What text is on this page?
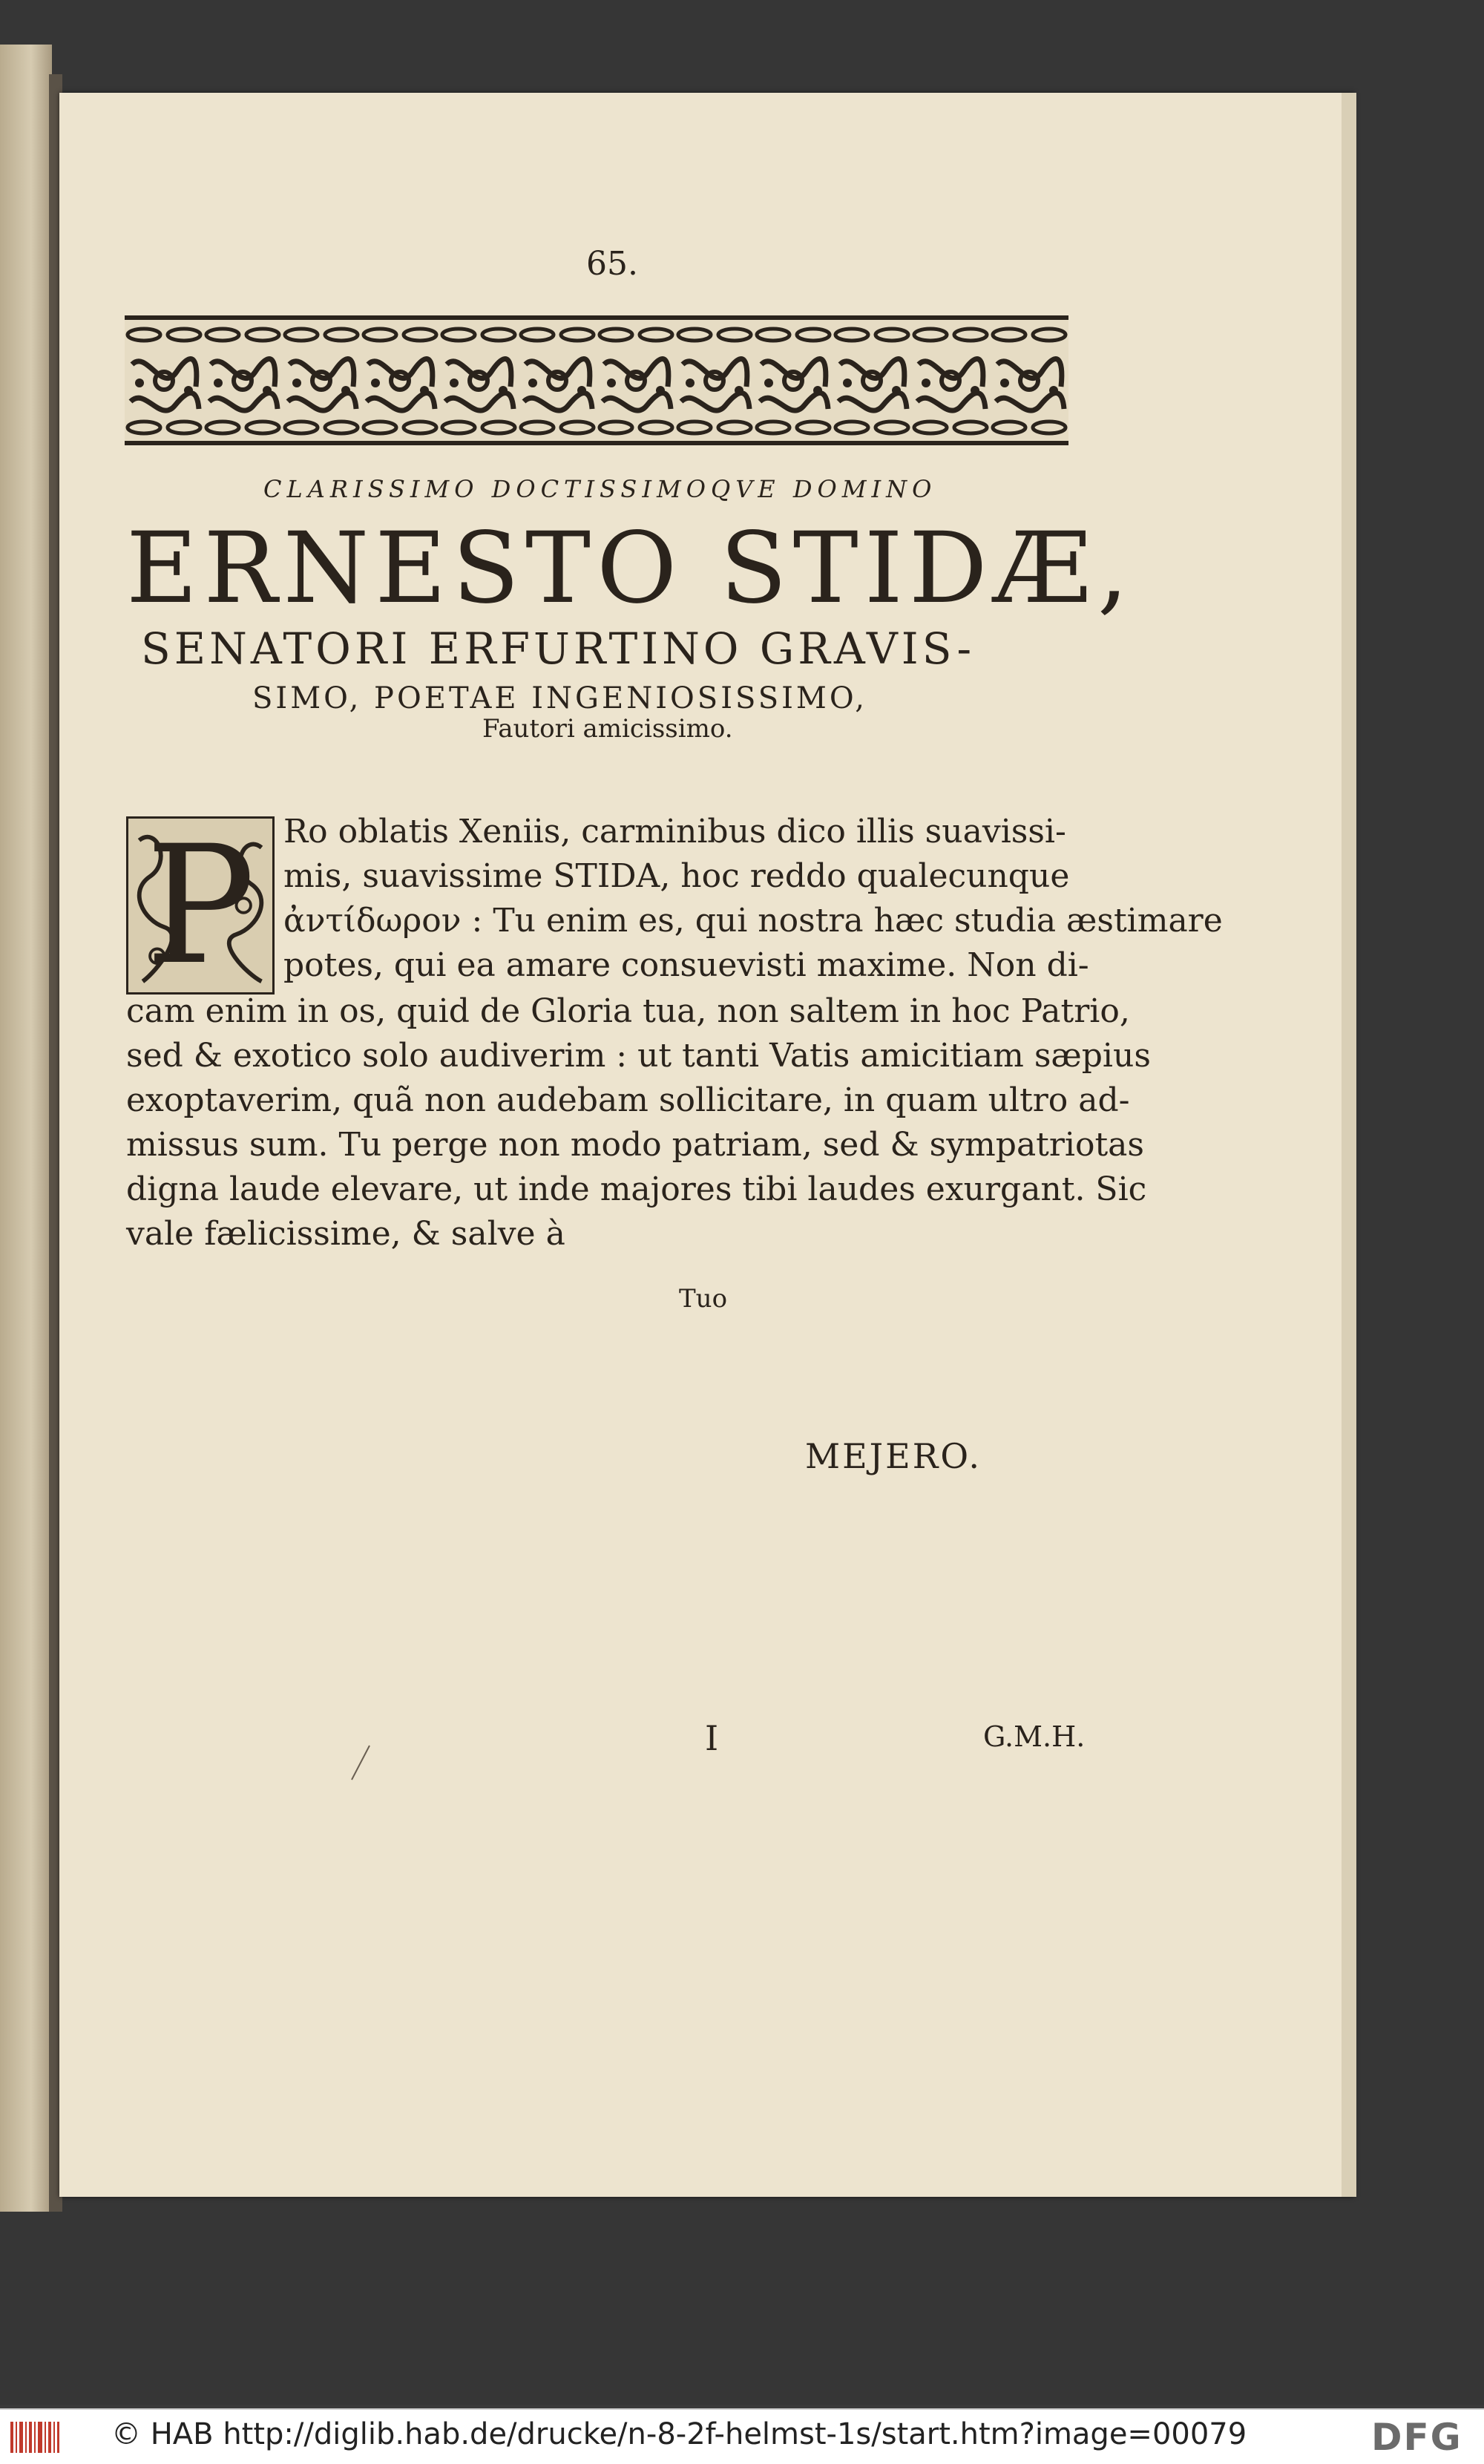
65.
CLARISSIMO DOCTISSIMOQVE DOMINO
ERNESTO STIDÆ,
SENATORI ERFURTINO GRAVIS-
SIMO, POETAE INGENIOSISSIMO,
Fautori amicissimo.
P Ro oblatis Xeniis, carminibus dico illis suavissi-
mis, suavissime STIDA, hoc reddo qualecunque
ἀντίδωρον : Tu enim es, qui nostra hæc studia æstimare
potes, qui ea amare consuevisti maxime. Non di-
cam enim in os, quid de Gloria tua, non saltem in hoc Patrio,
sed & exotico solo audiverim : ut tanti Vatis amicitiam sæpius
exoptaverim, quã non audebam sollicitare, in quam ultro ad-
missus sum. Tu perge non modo patriam, sed & sympatriotas
digna laude elevare, ut inde majores tibi laudes exurgant. Sic
vale fælicissime, & salve à
Tuo
MEJERO.
I	G.M.H.
© HAB http://diglib.hab.de/drucke/n-8-2f-helmst-1s/start.htm?image=00079	DFG
